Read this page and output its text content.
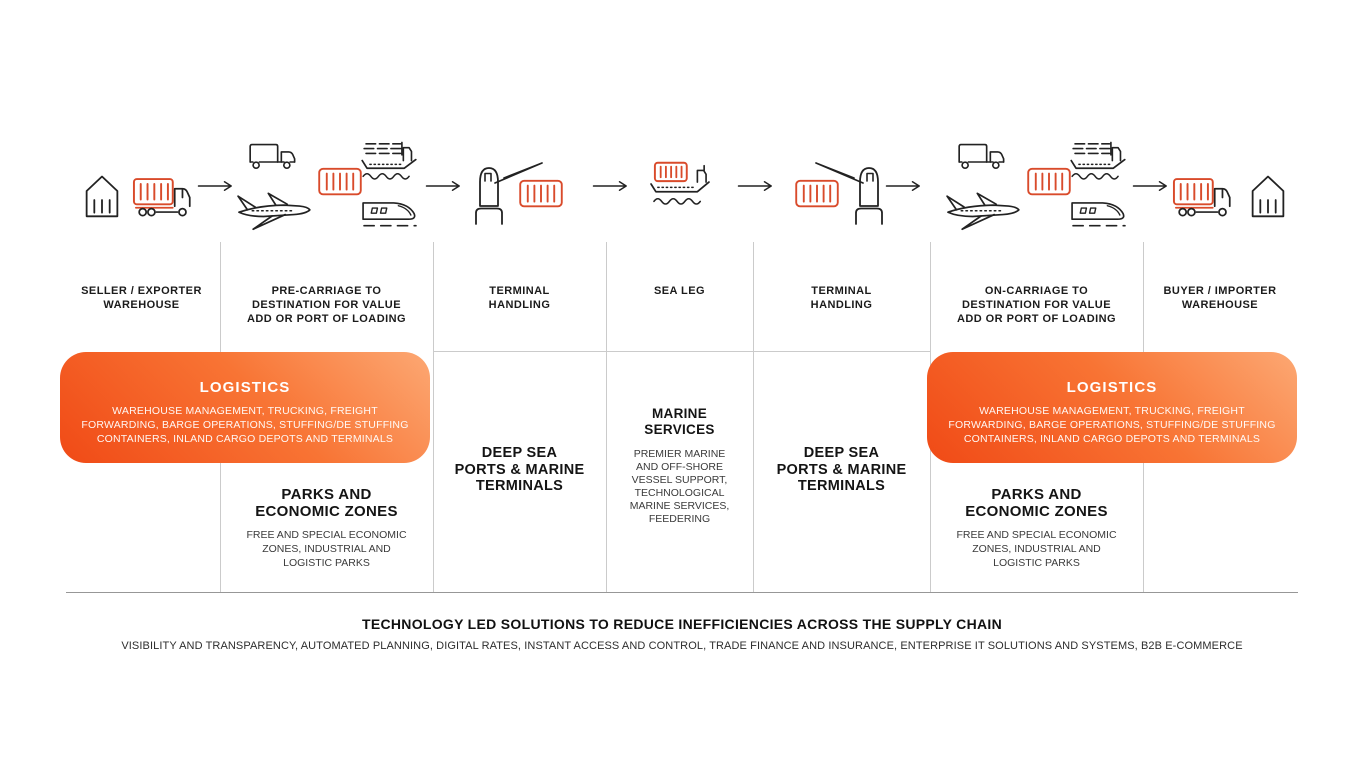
SELLER / EXPORTER
WAREHOUSE
PRE-CARRIAGE TO
DESTINATION FOR VALUE
ADD OR PORT OF LOADING
TERMINAL
HANDLING
SEA LEG	TERMINAL
HANDLING
ON-CARRIAGE TO
DESTINATION FOR VALUE
ADD OR PORT OF LOADING
BUYER / IMPORTER
WAREHOUSE
LOGISTICS
WAREHOUSE MANAGEMENT, TRUCKING, FREIGHT
FORWARDING, BARGE OPERATIONS, STUFFING/DE STUFFING
CONTAINERS, INLAND CARGO DEPOTS AND TERMINALS
LOGISTICS
WAREHOUSE MANAGEMENT, TRUCKING, FREIGHT
FORWARDING, BARGE OPERATIONS, STUFFING/DE STUFFING
CONTAINERS, INLAND CARGO DEPOTS AND TERMINALS
PARKS AND
ECONOMIC ZONES
FREE AND SPECIAL ECONOMIC
ZONES, INDUSTRIAL AND
LOGISTIC PARKS
PARKS AND
ECONOMIC ZONES
FREE AND SPECIAL ECONOMIC
ZONES, INDUSTRIAL AND
LOGISTIC PARKS
DEEP SEA
PORTS & MARINE
TERMINALS
DEEP SEA
PORTS & MARINE
TERMINALS
MARINE
SERVICES
PREMIER MARINE
AND OFF-SHORE
VESSEL SUPPORT,
TECHNOLOGICAL
MARINE SERVICES,
FEEDERING
TECHNOLOGY LED SOLUTIONS TO REDUCE INEFFICIENCIES ACROSS THE SUPPLY CHAIN
VISIBILITY AND TRANSPARENCY, AUTOMATED PLANNING, DIGITAL RATES, INSTANT ACCESS AND CONTROL, TRADE FINANCE AND INSURANCE, ENTERPRISE IT SOLUTIONS AND SYSTEMS, B2B E-COMMERCE
